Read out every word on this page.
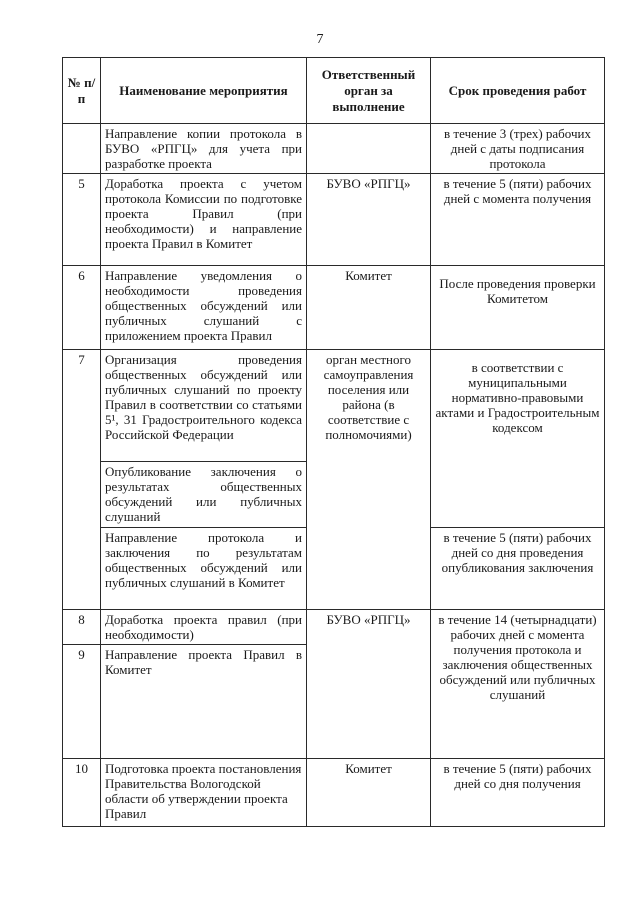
7
№ п/п	Наименование мероприятия	Ответственный орган за выполнение	Срок проведения работ
	Направление копии протокола в БУВО «РПГЦ» для учета при разработке проекта		в течение 3 (трех) рабочих дней с даты подписания протокола
5	Доработка проекта с учетом протокола Комиссии по подготовке проекта Правил (при необходимости) и направление проекта Правил в Комитет	БУВО «РПГЦ»	в течение 5 (пяти) рабочих дней с момента получения
6	Направление уведомления о необходимости проведения общественных обсуждений или публичных слушаний с приложением проекта Правил	Комитет	После проведения проверки Комитетом
7	Организация проведения общественных обсуждений или публичных слушаний по проекту Правил в соответствии со статьями 5¹, 31 Градостроительного кодекса Российской Федерации	орган местного самоуправления поселения или района (в соответствие с полномочиями)	в соответствии с муниципальными нормативно-правовыми актами и Градостроительным кодексом
	Опубликование заключения о результатах общественных обсуждений или публичных слушаний		
	Направление протокола и заключения по результатам общественных обсуждений или публичных слушаний в Комитет		в течение 5 (пяти) рабочих дней со дня проведения опубликования заключения
8	Доработка проекта правил (при необходимости)	БУВО «РПГЦ»	в течение 14 (четырнадцати) рабочих дней с момента получения протокола и заключения общественных обсуждений или публичных слушаний
9	Направление проекта Правил в Комитет		
10	Подготовка проекта постановления Правительства Вологодской области об утверждении проекта Правил	Комитет	в течение 5 (пяти) рабочих дней со дня получения
